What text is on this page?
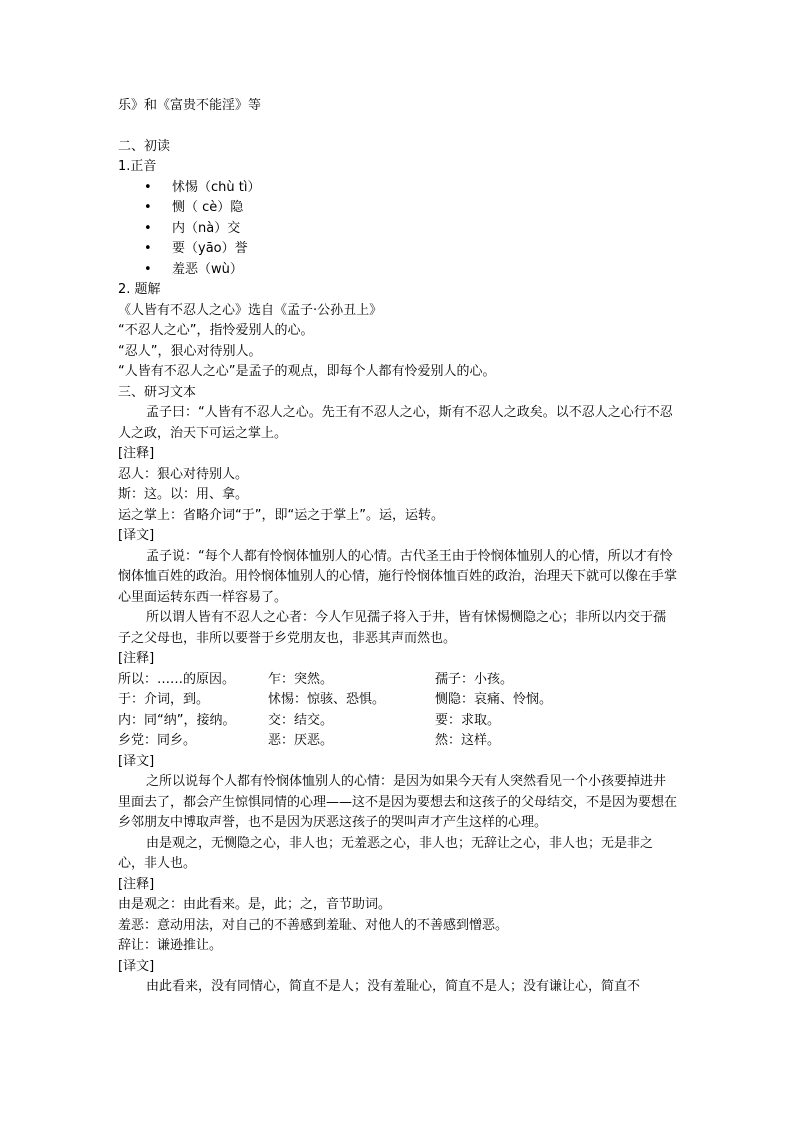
乐》和《富贵不能淫》等
二、初读
1.正音
• 怵惕（chù tì）
• 恻（ cè）隐
• 内（nà）交
• 要（yāo）誉
• 羞恶（wù）
2. 题解
《人皆有不忍人之心》选自《孟子·公孙丑上》
“不忍人之心”，指怜爱别人的心。
“忍人”，狠心对待别人。
“人皆有不忍人之心”是孟子的观点，即每个人都有怜爱别人的心。
三、研习文本
孟子曰：“人皆有不忍人之心。先王有不忍人之心，斯有不忍人之政矣。以不忍人之心行不忍人之政，治天下可运之掌上。
[注释]
忍人：狠心对待别人。
斯：这。以：用、拿。
运之掌上：省略介词“于”，即“运之于掌上”。运，运转。
[译文]
孟子说：“每个人都有怜悯体恤别人的心情。古代圣王由于怜悯体恤别人的心情，所以才有怜悯体恤百姓的政治。用怜悯体恤别人的心情，施行怜悯体恤百姓的政治，治理天下就可以像在手掌心里面运转东西一样容易了。
所以谓人皆有不忍人之心者：今人乍见孺子将入于井，皆有怵惕恻隐之心；非所以内交于孺子之父母也，非所以要誉于乡党朋友也，非恶其声而然也。
[注释]
所以：……的原因。	乍：突然。	孺子：小孩。
于：介词，到。	怵惕：惊骇、恐惧。	恻隐：哀痛、怜悯。
内：同“纳”，接纳。	交：结交。	要：求取。
乡党：同乡。	恶：厌恶。	然：这样。
[译文]
之所以说每个人都有怜悯体恤别人的心情：是因为如果今天有人突然看见一个小孩要掉进井里面去了，都会产生惊惧同情的心理——这不是因为要想去和这孩子的父母结交，不是因为要想在乡邻朋友中博取声誉，也不是因为厌恶这孩子的哭叫声才产生这样的心理。
由是观之，无恻隐之心，非人也；无羞恶之心，非人也；无辞让之心，非人也；无是非之心，非人也。
[注释]
由是观之：由此看来。是，此；之，音节助词。
羞恶：意动用法，对自己的不善感到羞耻、对他人的不善感到憎恶。
辞让：谦逊推让。
[译文]
由此看来，没有同情心，简直不是人；没有羞耻心，简直不是人；没有谦让心，简直不
